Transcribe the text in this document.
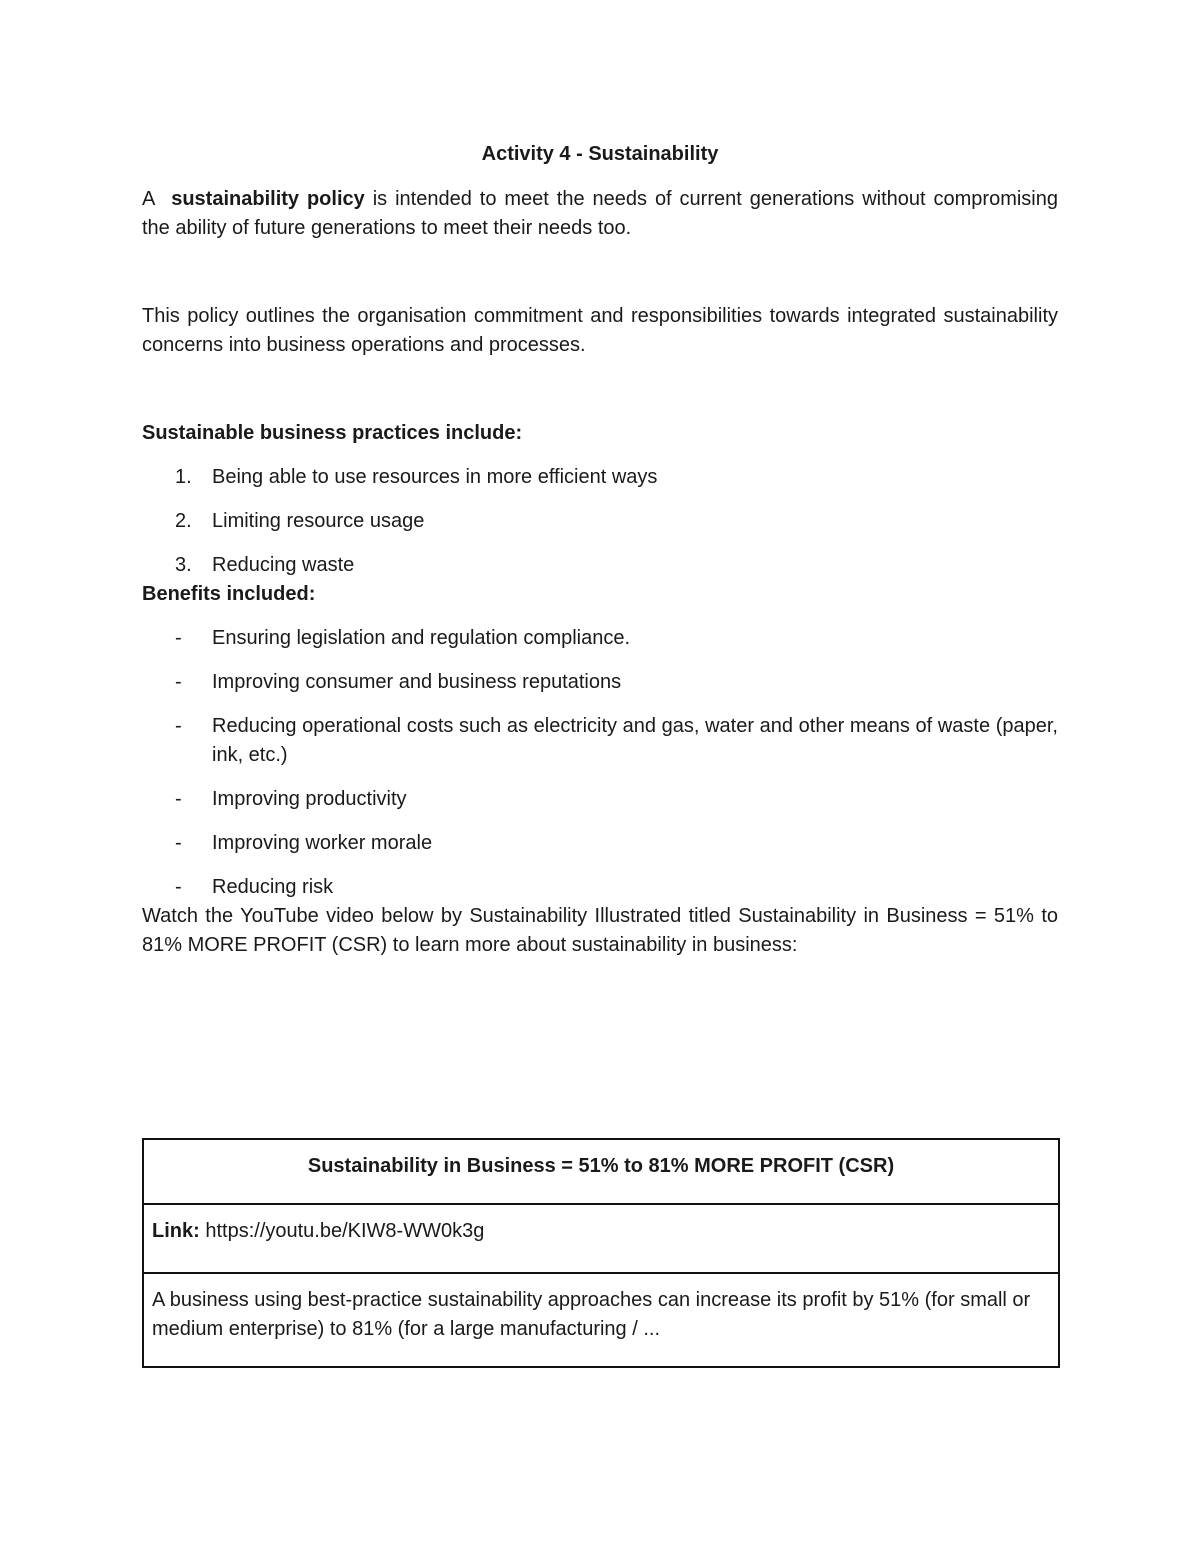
Activity 4 - Sustainability

A sustainability policy is intended to meet the needs of current generations without compromising the ability of future generations to meet their needs too.

This policy outlines the organisation commitment and responsibilities towards integrated sustainability concerns into business operations and processes.

Sustainable business practices include:
1. Being able to use resources in more efficient ways
2. Limiting resource usage
3. Reducing waste
Benefits included:
- Ensuring legislation and regulation compliance.
- Improving consumer and business reputations
- Reducing operational costs such as electricity and gas, water and other means of waste (paper, ink, etc.)
- Improving productivity
- Improving worker morale
- Reducing risk

Watch the YouTube video below by Sustainability Illustrated titled Sustainability in Business = 51% to 81% MORE PROFIT (CSR) to learn more about sustainability in business:

Sustainability in Business = 51% to 81% MORE PROFIT (CSR)
Link: https://youtu.be/KIW8-WW0k3g
A business using best-practice sustainability approaches can increase its profit by 51% (for small or medium enterprise) to 81% (for a large manufacturing / ...
